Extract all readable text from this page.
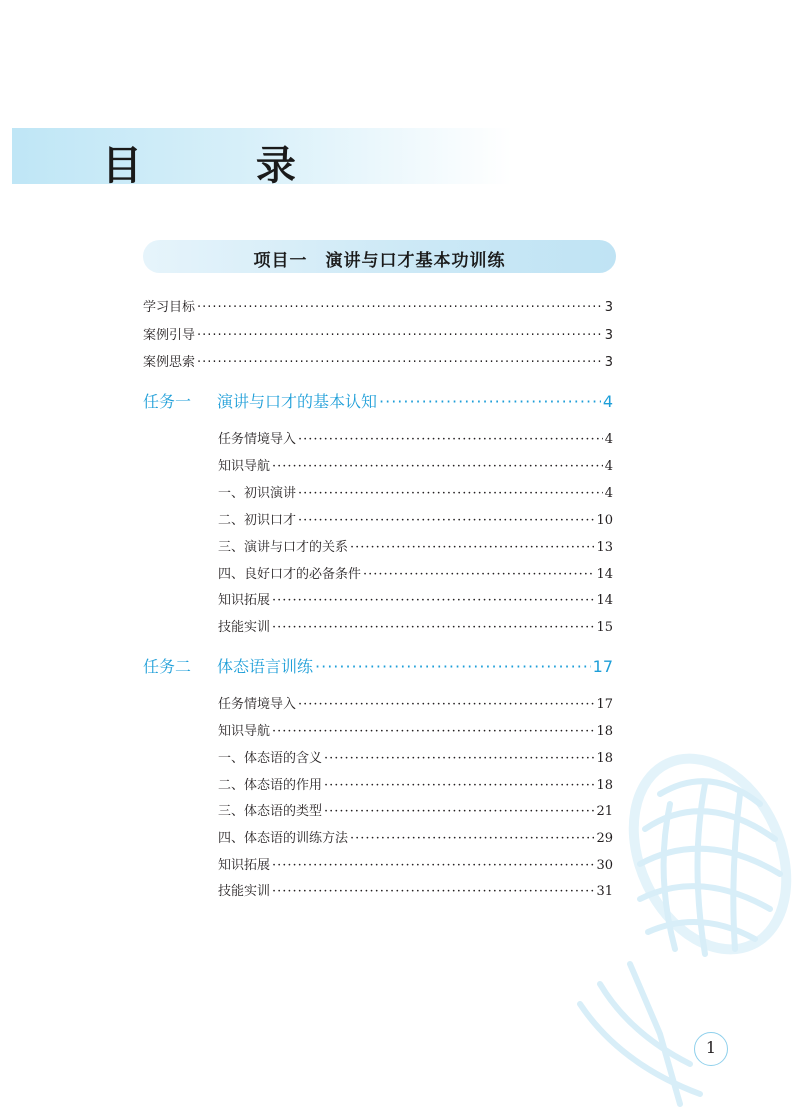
目 录
项目一　演讲与口才基本功训练
学习目标 ·····	3
案例引导 ·····	3
案例思索 ·····	3
任务一 演讲与口才的基本认知 ·····	4
任务情境导入 ·····	4
知识导航 ·····	4
一、初识演讲 ·····	4
二、初识口才 ·····	10
三、演讲与口才的关系 ·····	13
四、良好口才的必备条件 ·····	14
知识拓展 ·····	14
技能实训 ·····	15
任务二 体态语言训练 ·····	17
任务情境导入 ·····	17
知识导航 ·····	18
一、体态语的含义 ·····	18
二、体态语的作用 ·····	18
三、体态语的类型 ·····	21
四、体态语的训练方法 ·····	29
知识拓展 ·····	30
技能实训 ·····	31
1
